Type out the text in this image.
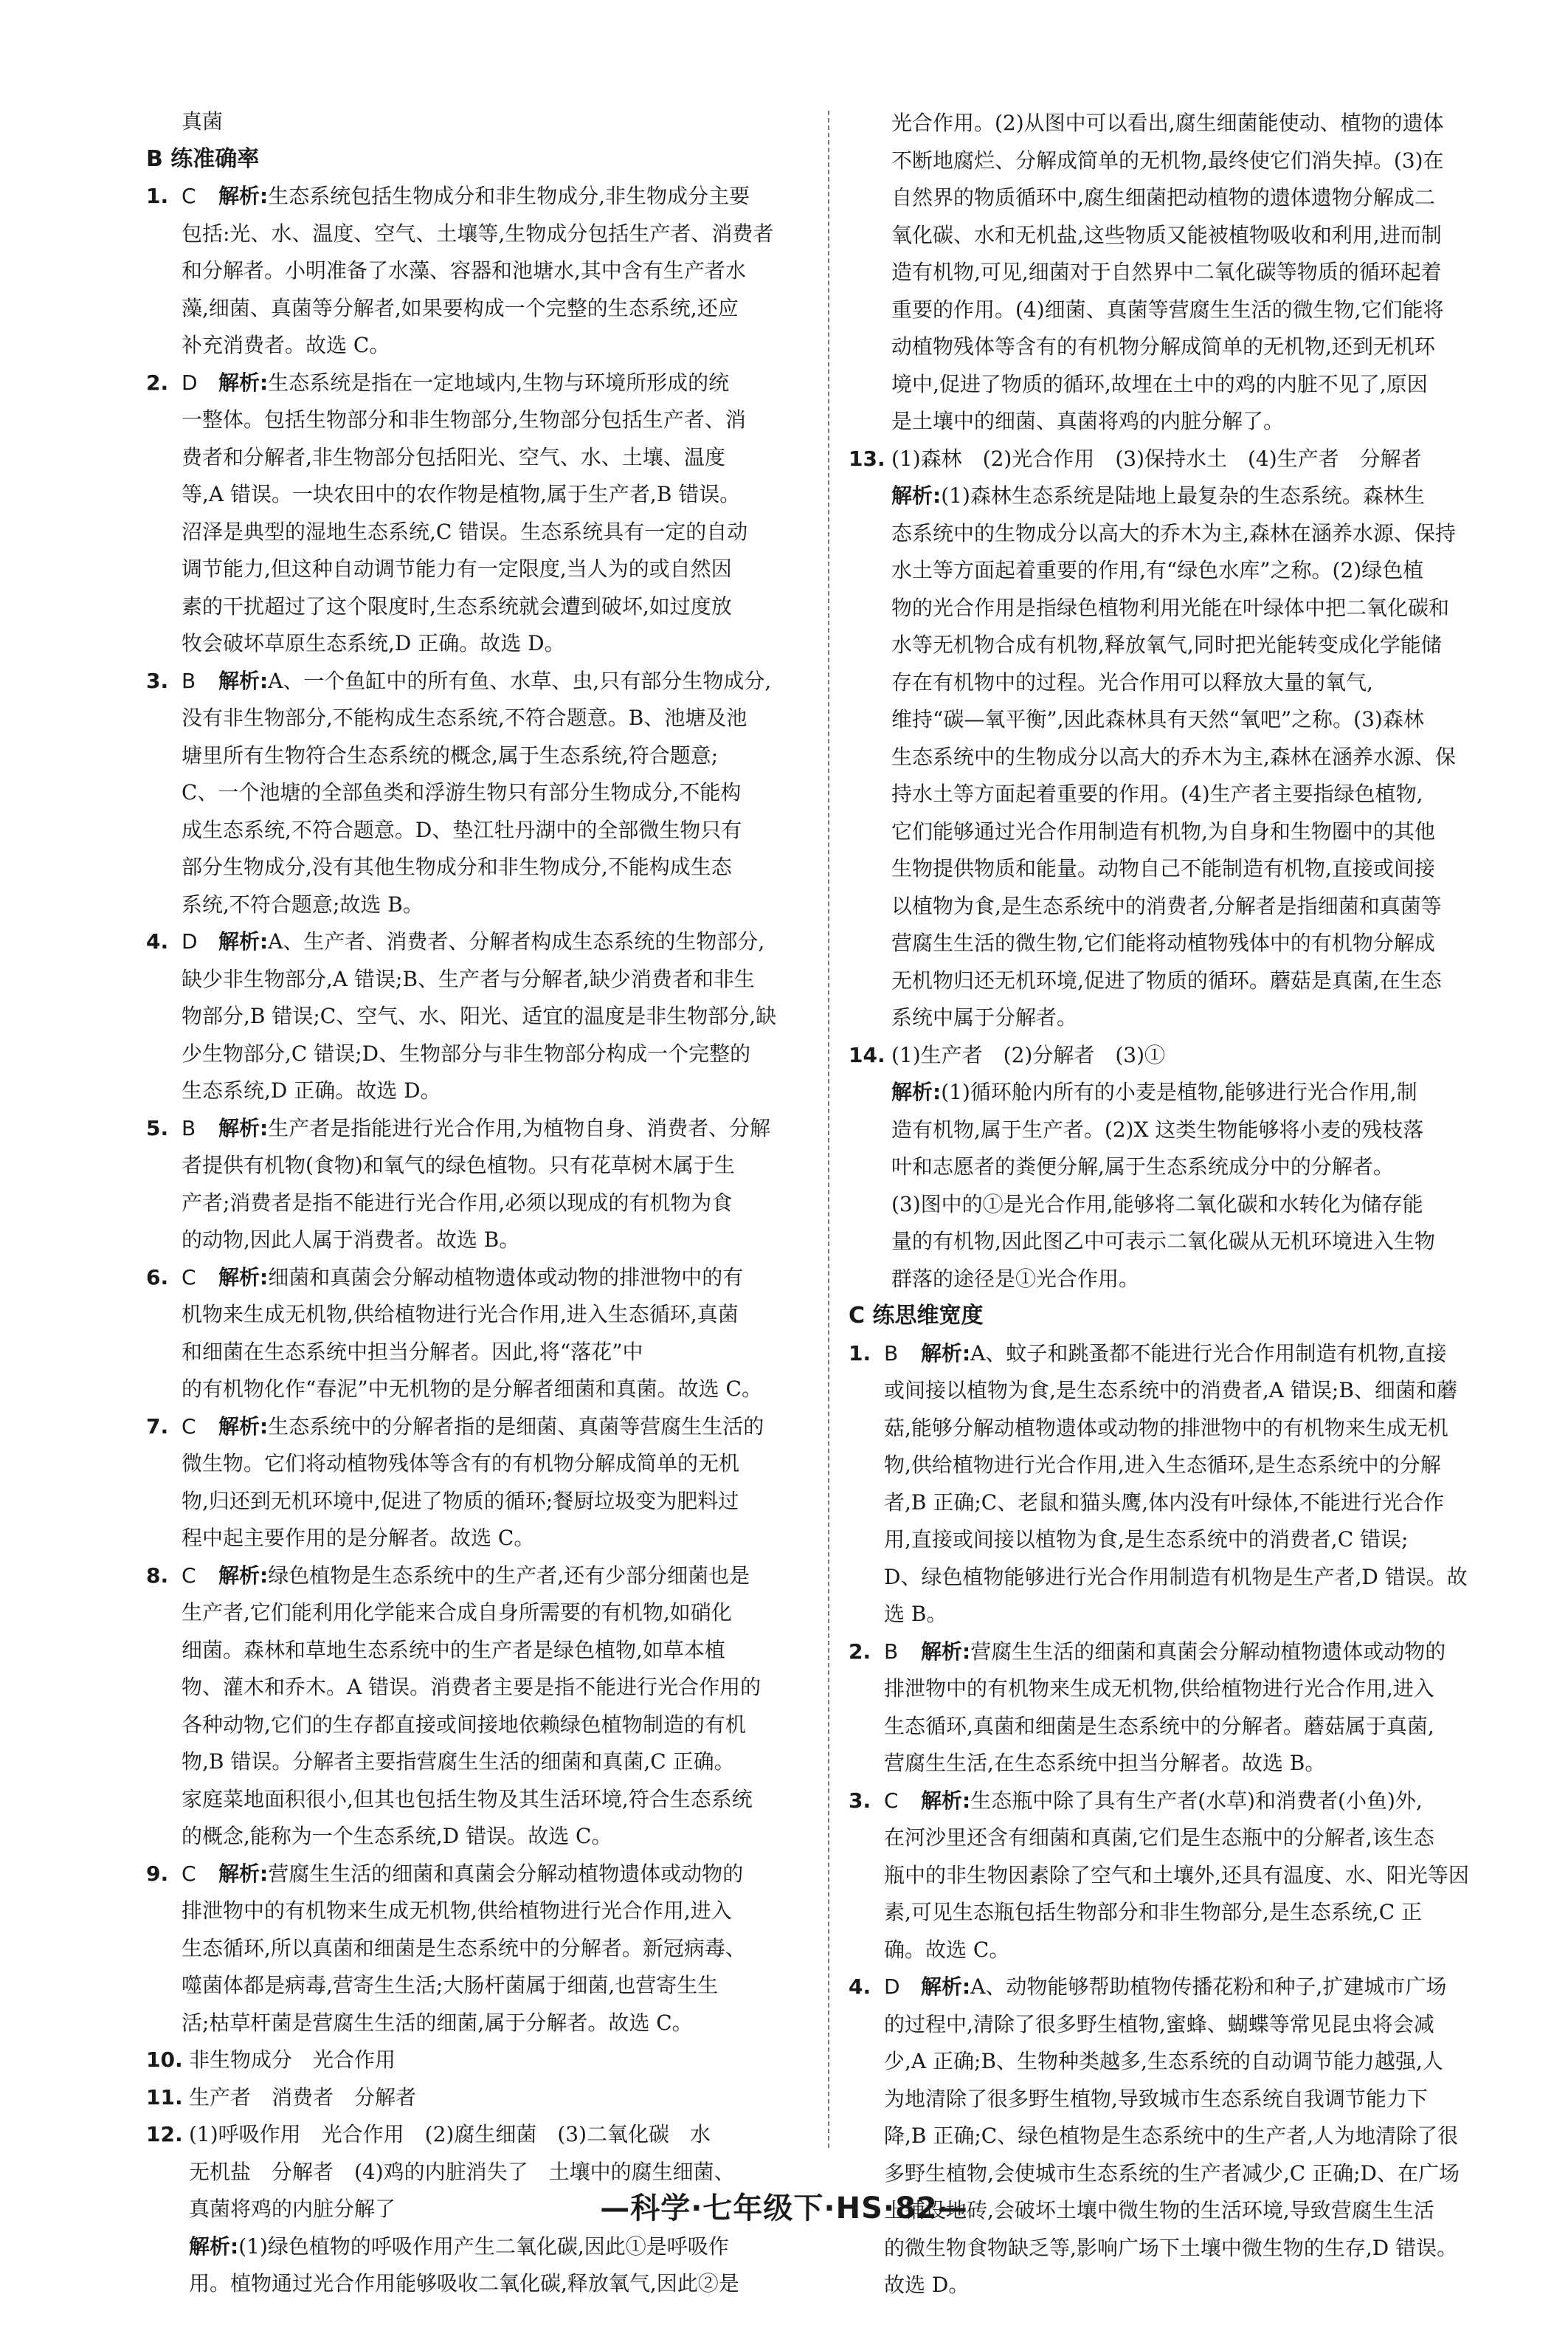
真菌
B 练准确率
1. C 解析:生态系统包括生物成分和非生物成分,非生物成分主要
包括:光、水、温度、空气、土壤等,生物成分包括生产者、消费者
和分解者。小明准备了水藻、容器和池塘水,其中含有生产者水
藻,细菌、真菌等分解者,如果要构成一个完整的生态系统,还应
补充消费者。故选 C。
2. D 解析:生态系统是指在一定地域内,生物与环境所形成的统
一整体。包括生物部分和非生物部分,生物部分包括生产者、消
费者和分解者,非生物部分包括阳光、空气、水、土壤、温度
等,A 错误。一块农田中的农作物是植物,属于生产者,B 错误。
沼泽是典型的湿地生态系统,C 错误。生态系统具有一定的自动
调节能力,但这种自动调节能力有一定限度,当人为的或自然因
素的干扰超过了这个限度时,生态系统就会遭到破坏,如过度放
牧会破坏草原生态系统,D 正确。故选 D。
3. B 解析:A、一个鱼缸中的所有鱼、水草、虫,只有部分生物成分,
没有非生物部分,不能构成生态系统,不符合题意。B、池塘及池
塘里所有生物符合生态系统的概念,属于生态系统,符合题意;
C、一个池塘的全部鱼类和浮游生物只有部分生物成分,不能构
成生态系统,不符合题意。D、垫江牡丹湖中的全部微生物只有
部分生物成分,没有其他生物成分和非生物成分,不能构成生态
系统,不符合题意;故选 B。
4. D 解析:A、生产者、消费者、分解者构成生态系统的生物部分,
缺少非生物部分,A 错误;B、生产者与分解者,缺少消费者和非生
物部分,B 错误;C、空气、水、阳光、适宜的温度是非生物部分,缺
少生物部分,C 错误;D、生物部分与非生物部分构成一个完整的
生态系统,D 正确。故选 D。
5. B 解析:生产者是指能进行光合作用,为植物自身、消费者、分解
者提供有机物(食物)和氧气的绿色植物。只有花草树木属于生
产者;消费者是指不能进行光合作用,必须以现成的有机物为食
的动物,因此人属于消费者。故选 B。
6. C 解析:细菌和真菌会分解动植物遗体或动物的排泄物中的有
机物来生成无机物,供给植物进行光合作用,进入生态循环,真菌
和细菌在生态系统中担当分解者。因此,将“落花”中
的有机物化作“春泥”中无机物的是分解者细菌和真菌。故选 C。
7. C 解析:生态系统中的分解者指的是细菌、真菌等营腐生生活的
微生物。它们将动植物残体等含有的有机物分解成简单的无机
物,归还到无机环境中,促进了物质的循环;餐厨垃圾变为肥料过
程中起主要作用的是分解者。故选 C。
8. C 解析:绿色植物是生态系统中的生产者,还有少部分细菌也是
生产者,它们能利用化学能来合成自身所需要的有机物,如硝化
细菌。森林和草地生态系统中的生产者是绿色植物,如草本植
物、灌木和乔木。A 错误。消费者主要是指不能进行光合作用的
各种动物,它们的生存都直接或间接地依赖绿色植物制造的有机
物,B 错误。分解者主要指营腐生生活的细菌和真菌,C 正确。
家庭菜地面积很小,但其也包括生物及其生活环境,符合生态系统
的概念,能称为一个生态系统,D 错误。故选 C。
9. C 解析:营腐生生活的细菌和真菌会分解动植物遗体或动物的
排泄物中的有机物来生成无机物,供给植物进行光合作用,进入
生态循环,所以真菌和细菌是生态系统中的分解者。新冠病毒、
噬菌体都是病毒,营寄生生活;大肠杆菌属于细菌,也营寄生生
活;枯草杆菌是营腐生生活的细菌,属于分解者。故选 C。
10. 非生物成分　光合作用
11. 生产者　消费者　分解者
12. (1)呼吸作用　光合作用　(2)腐生细菌　(3)二氧化碳　水
无机盐　分解者　(4)鸡的内脏消失了　土壤中的腐生细菌、
真菌将鸡的内脏分解了
解析:(1)绿色植物的呼吸作用产生二氧化碳,因此①是呼吸作
用。植物通过光合作用能够吸收二氧化碳,释放氧气,因此②是
光合作用。(2)从图中可以看出,腐生细菌能使动、植物的遗体
不断地腐烂、分解成简单的无机物,最终使它们消失掉。(3)在
自然界的物质循环中,腐生细菌把动植物的遗体遗物分解成二
氧化碳、水和无机盐,这些物质又能被植物吸收和利用,进而制
造有机物,可见,细菌对于自然界中二氧化碳等物质的循环起着
重要的作用。(4)细菌、真菌等营腐生生活的微生物,它们能将
动植物残体等含有的有机物分解成简单的无机物,还到无机环
境中,促进了物质的循环,故埋在土中的鸡的内脏不见了,原因
是土壤中的细菌、真菌将鸡的内脏分解了。
13. (1)森林　(2)光合作用　(3)保持水土　(4)生产者　分解者
解析:(1)森林生态系统是陆地上最复杂的生态系统。森林生
态系统中的生物成分以高大的乔木为主,森林在涵养水源、保持
水土等方面起着重要的作用,有“绿色水库”之称。(2)绿色植
物的光合作用是指绿色植物利用光能在叶绿体中把二氧化碳和
水等无机物合成有机物,释放氧气,同时把光能转变成化学能储
存在有机物中的过程。光合作用可以释放大量的氧气,
维持“碳—氧平衡”,因此森林具有天然“氧吧”之称。(3)森林
生态系统中的生物成分以高大的乔木为主,森林在涵养水源、保
持水土等方面起着重要的作用。(4)生产者主要指绿色植物,
它们能够通过光合作用制造有机物,为自身和生物圈中的其他
生物提供物质和能量。动物自己不能制造有机物,直接或间接
以植物为食,是生态系统中的消费者,分解者是指细菌和真菌等
营腐生生活的微生物,它们能将动植物残体中的有机物分解成
无机物归还无机环境,促进了物质的循环。蘑菇是真菌,在生态
系统中属于分解者。
14. (1)生产者　(2)分解者　(3)①
解析:(1)循环舱内所有的小麦是植物,能够进行光合作用,制
造有机物,属于生产者。(2)X 这类生物能够将小麦的残枝落
叶和志愿者的粪便分解,属于生态系统成分中的分解者。
(3)图中的①是光合作用,能够将二氧化碳和水转化为储存能
量的有机物,因此图乙中可表示二氧化碳从无机环境进入生物
群落的途径是①光合作用。
C 练思维宽度
1. B 解析:A、蚊子和跳蚤都不能进行光合作用制造有机物,直接
或间接以植物为食,是生态系统中的消费者,A 错误;B、细菌和蘑
菇,能够分解动植物遗体或动物的排泄物中的有机物来生成无机
物,供给植物进行光合作用,进入生态循环,是生态系统中的分解
者,B 正确;C、老鼠和猫头鹰,体内没有叶绿体,不能进行光合作
用,直接或间接以植物为食,是生态系统中的消费者,C 错误;
D、绿色植物能够进行光合作用制造有机物是生产者,D 错误。故
选 B。
2. B 解析:营腐生生活的细菌和真菌会分解动植物遗体或动物的
排泄物中的有机物来生成无机物,供给植物进行光合作用,进入
生态循环,真菌和细菌是生态系统中的分解者。蘑菇属于真菌,
营腐生生活,在生态系统中担当分解者。故选 B。
3. C 解析:生态瓶中除了具有生产者(水草)和消费者(小鱼)外,
在河沙里还含有细菌和真菌,它们是生态瓶中的分解者,该生态
瓶中的非生物因素除了空气和土壤外,还具有温度、水、阳光等因
素,可见生态瓶包括生物部分和非生物部分,是生态系统,C 正
确。故选 C。
4. D 解析:A、动物能够帮助植物传播花粉和种子,扩建城市广场
的过程中,清除了很多野生植物,蜜蜂、蝴蝶等常见昆虫将会减
少,A 正确;B、生物种类越多,生态系统的自动调节能力越强,人
为地清除了很多野生植物,导致城市生态系统自我调节能力下
降,B 正确;C、绿色植物是生态系统中的生产者,人为地清除了很
多野生植物,会使城市生态系统的生产者减少,C 正确;D、在广场
上铺设地砖,会破坏土壤中微生物的生活环境,导致营腐生生活
的微生物食物缺乏等,影响广场下土壤中微生物的生存,D 错误。
故选 D。
—科学·七年级下·HS·82—
